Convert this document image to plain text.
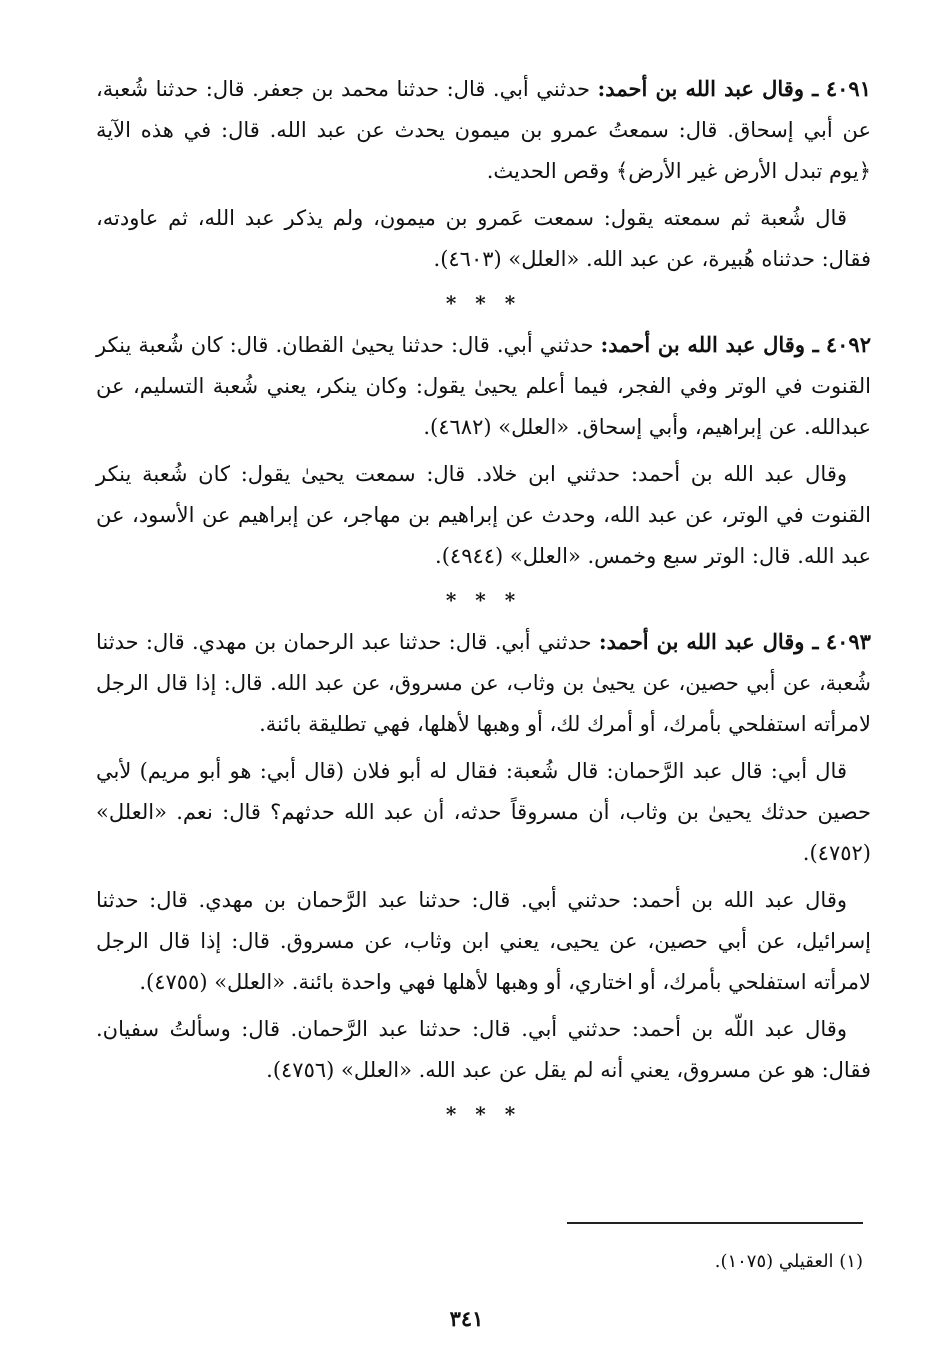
٤٠٩١ ـ وقال عبد الله بن أحمد: حدثني أبي. قال: حدثنا محمد بن جعفر. قال: حدثنا شُعبة، عن أبي إسحاق. قال: سمعتُ عمرو بن ميمون يحدث عن عبد الله. قال: في هذه الآية ﴿يوم تبدل الأرض غير الأرض﴾ وقص الحديث.

قال شُعبة ثم سمعته يقول: سمعت عَمرو بن ميمون، ولم يذكر عبد الله، ثم عاودته، فقال: حدثناه هُبيرة، عن عبد الله. «العلل» (٤٦٠٣).

* * *

٤٠٩٢ ـ وقال عبد الله بن أحمد: حدثني أبي. قال: حدثنا يحيىٰ القطان. قال: كان شُعبة ينكر القنوت في الوتر وفي الفجر، فيما أعلم يحيىٰ يقول: وكان ينكر، يعني شُعبة التسليم، عن عبدالله. عن إبراهيم، وأبي إسحاق. «العلل» (٤٦٨٢).

وقال عبد الله بن أحمد: حدثني ابن خلاد. قال: سمعت يحيىٰ يقول: كان شُعبة ينكر القنوت في الوتر، عن عبد الله، وحدث عن إبراهيم بن مهاجر، عن إبراهيم عن الأسود، عن عبد الله. قال: الوتر سبع وخمس. «العلل» (٤٩٤٤).

* * *

٤٠٩٣ ـ وقال عبد الله بن أحمد: حدثني أبي. قال: حدثنا عبد الرحمان بن مهدي. قال: حدثنا شُعبة، عن أبي حصين، عن يحيىٰ بن وثاب، عن مسروق، عن عبد الله. قال: إذا قال الرجل لامرأته استفلحي بأمرك، أو أمرك لك، أو وهبها لأهلها، فهي تطليقة بائنة.

قال أبي: قال عبد الرَّحمان: قال شُعبة: فقال له أبو فلان (قال أبي: هو أبو مريم) لأبي حصين حدثك يحيىٰ بن وثاب، أن مسروقاً حدثه، أن عبد الله حدثهم؟ قال: نعم. «العلل» (٤٧٥٢).

وقال عبد الله بن أحمد: حدثني أبي. قال: حدثنا عبد الرَّحمان بن مهدي. قال: حدثنا إسرائيل، عن أبي حصين، عن يحيى، يعني ابن وثاب، عن مسروق. قال: إذا قال الرجل لامرأته استفلحي بأمرك، أو اختاري، أو وهبها لأهلها فهي واحدة بائنة. «العلل» (٤٧٥٥).

وقال عبد اللّه بن أحمد: حدثني أبي. قال: حدثنا عبد الرَّحمان. قال: وسألتُ سفيان. فقال: هو عن مسروق، يعني أنه لم يقل عن عبد الله. «العلل» (٤٧٥٦).

* * *
(١) العقيلي (١٠٧٥).
٣٤١
